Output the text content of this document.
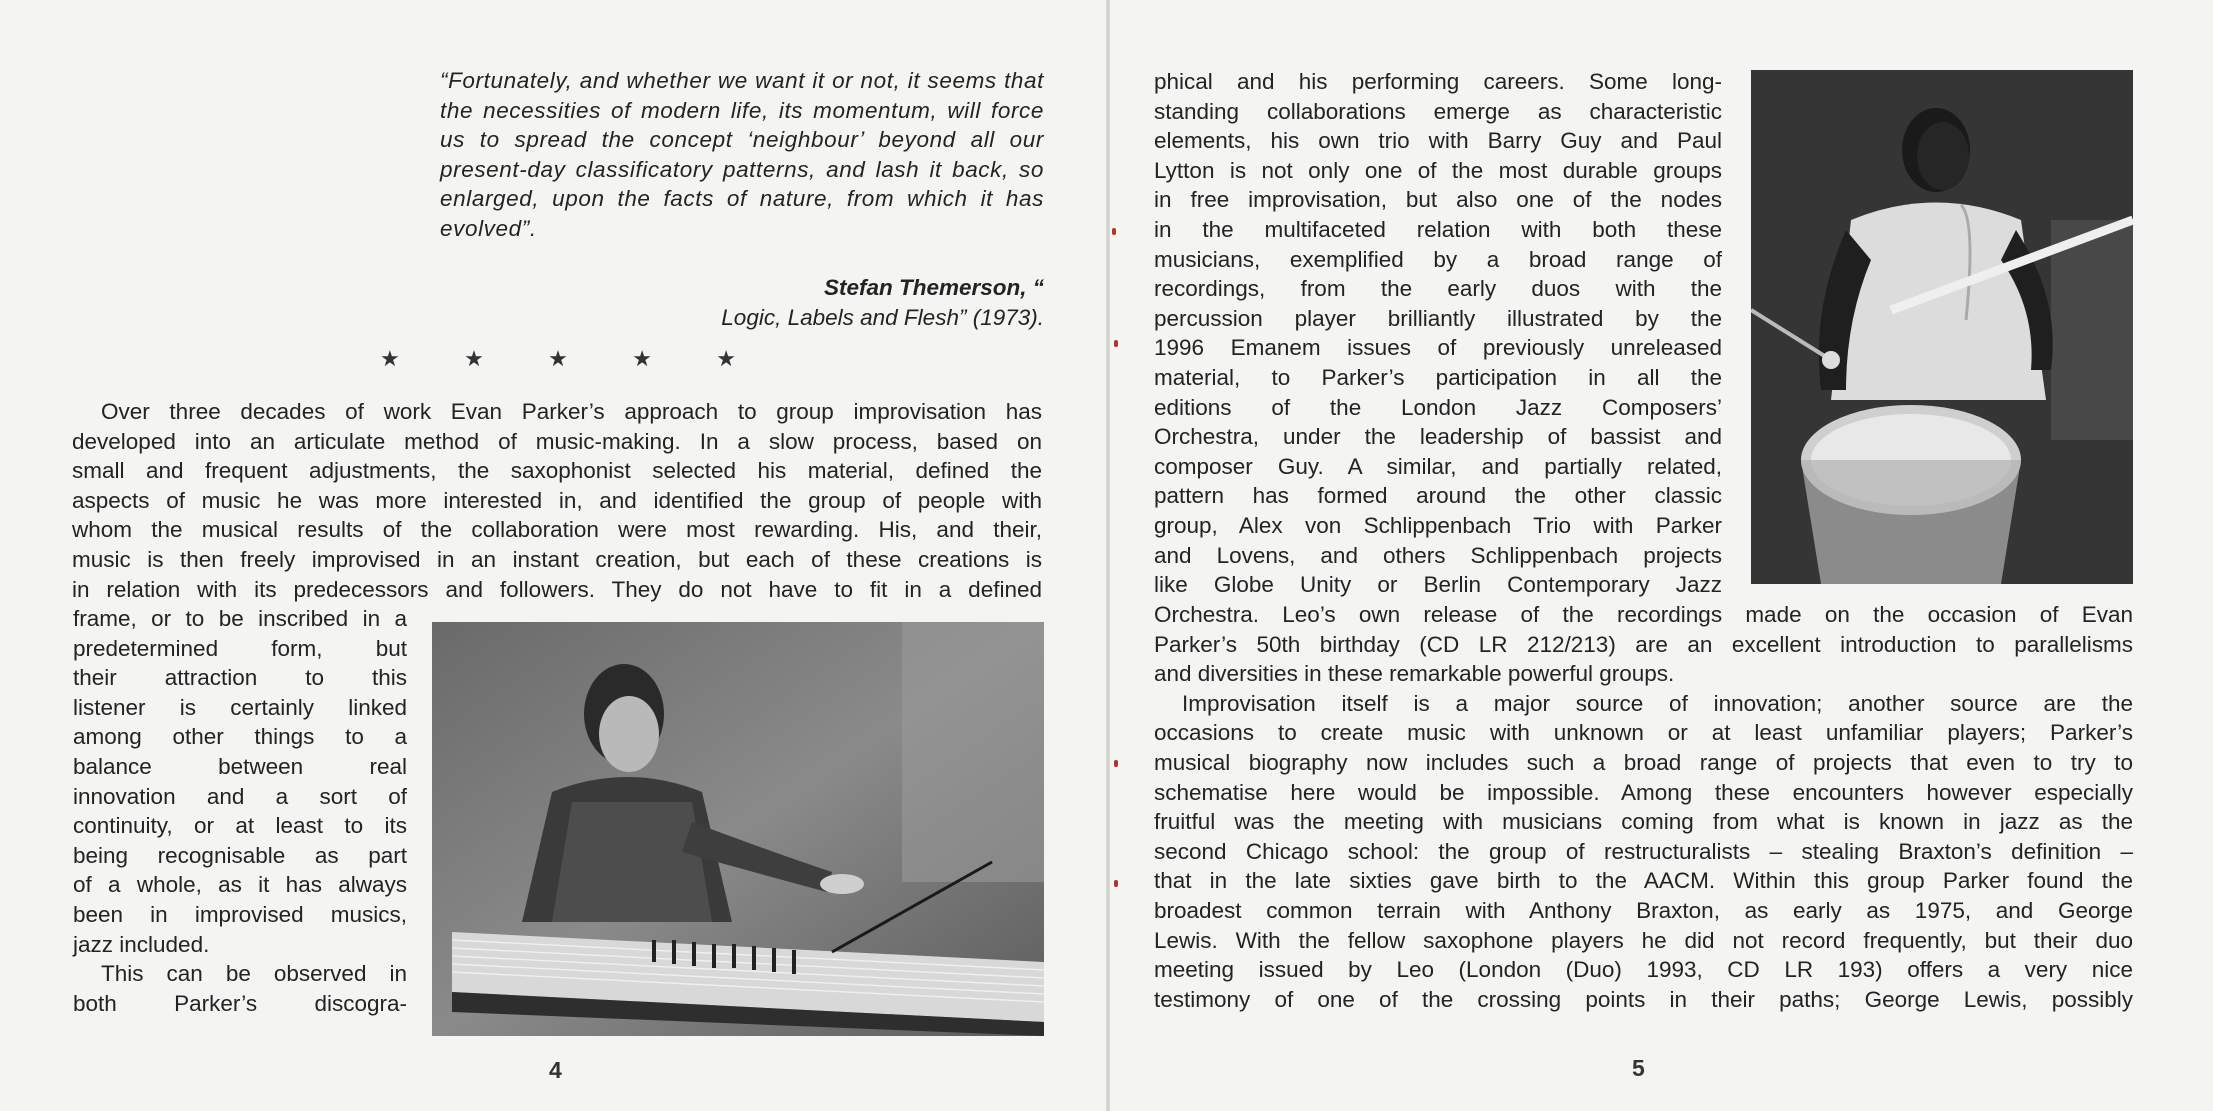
“Fortunately, and whether we want it or not, it seems that the necessities of modern life, its momentum, will force us to spread the concept ‘neighbour’ beyond all our present-day classificatory patterns, and lash it back, so enlarged, upon the facts of nature, from which it has evolved”.
Stefan Themerson, “
Logic, Labels and Flesh” (1973).
★	★	★	★	★
Over three decades of work Evan Parker’s approach to group improvisation has
developed into an articulate method of music-making. In a slow process, based on
small and frequent adjustments, the saxophonist selected his material, defined the
aspects of music he was more interested in, and identified the group of people with
whom the musical results of the collaboration were most rewarding. His, and their,
music is then freely improvised in an instant creation, but each of these creations is
in relation with its predecessors and followers. They do not have to fit in a defined
frame, or to be inscribed in a
predetermined form, but
their attraction to this
listener is certainly linked
among other things to a
balance between real
innovation and a sort of
continuity, or at least to its
being recognisable as part
of a whole, as it has always
been in improvised musics,
jazz included.
This can be observed in
both Parker’s discogra-
4
phical and his performing careers. Some long-
standing collaborations emerge as characteristic
elements, his own trio with Barry Guy and Paul
Lytton is not only one of the most durable groups
in free improvisation, but also one of the nodes
in the multifaceted relation with both these
musicians, exemplified by a broad range of
recordings, from the early duos with the
percussion player brilliantly illustrated by the
1996 Emanem issues of previously unreleased
material, to Parker’s participation in all the
editions of the London Jazz Composers’
Orchestra, under the leadership of bassist and
composer Guy. A similar, and partially related,
pattern has formed around the other classic
group, Alex von Schlippenbach Trio with Parker
and Lovens, and others Schlippenbach projects
like Globe Unity or Berlin Contemporary Jazz
Orchestra. Leo’s own release of the recordings made on the occasion of Evan
Parker’s 50th birthday (CD LR 212/213) are an excellent introduction to parallelisms
and diversities in these remarkable powerful groups.
Improvisation itself is a major source of innovation; another source are the
occasions to create music with unknown or at least unfamiliar players; Parker’s
musical biography now includes such a broad range of projects that even to try to
schematise here would be impossible. Among these encounters however especially
fruitful was the meeting with musicians coming from what is known in jazz as the
second Chicago school: the group of restructuralists – stealing Braxton’s definition –
that in the late sixties gave birth to the AACM. Within this group Parker found the
broadest common terrain with Anthony Braxton, as early as 1975, and George
Lewis. With the fellow saxophone players he did not record frequently, but their duo
meeting issued by Leo (London (Duo) 1993, CD LR 193) offers a very nice
testimony of one of the crossing points in their paths; George Lewis, possibly
5
